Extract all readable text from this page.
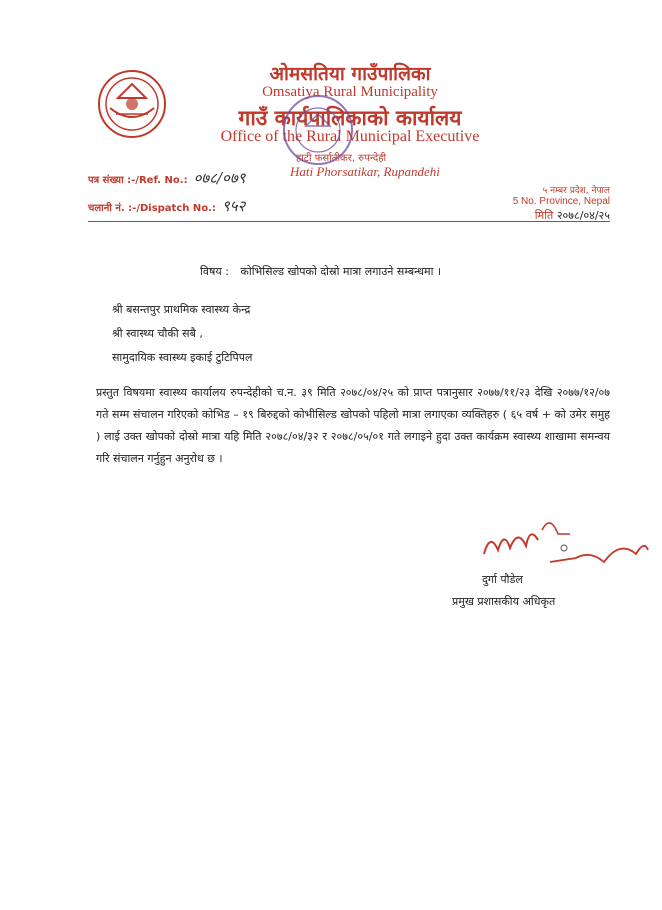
ओमसतिया गाउँपालिका
Omsatiya Rural Municipality
गाउँ कार्यपालिकाको कार्यालय
Office of the Rural Municipal Executive
हाटी फर्सातीकर, रुपन्देही
Hati Phorsatikar, Rupandehi
पत्र संख्या :-/Ref. No.: ०७८/०७९
चलानी नं. :-/Dispatch No.: ९५२
५ नम्बर प्रदेश, नेपाल
5 No. Province, Nepal
मिति २०७८/०४/२५
विषय : कोभिसिल्ड खोपको दोस्रो मात्रा लगाउने सम्बन्धमा ।
श्री बसन्तपुर प्राथमिक स्वास्थ्य केन्द्र
श्री स्वास्थ्य चौकी सबै ,
सामुदायिक स्वास्थ्य इकाई टुटिपिपल
प्रस्तुत विषयमा स्वास्थ्य कार्यालय रुपन्देहीको च.न. ३९ मिति २०७८/०४/२५ को प्राप्त पत्रानुसार २०७७/११/२३ देखि २०७७/१२/०७ गते सम्म संचालन गरिएको कोभिड – १९ बिरुद्दको कोभीसिल्ड खोपको पहिलो मात्रा लगाएका व्यक्तिहरु ( ६५ वर्ष + को उमेर समुह ) लाई उक्त खोपको दोस्रो मात्रा यहि मिति २०७८/०४/३२ र २०७८/०५/०१ गते लगाइने हुदा उक्त कार्यक्रम स्वास्थ्य शाखामा समन्वय गरि संचालन गर्नुहुन अनुरोध छ ।
दुर्गा पौडेल
प्रमुख प्रशासकीय अधिकृत
